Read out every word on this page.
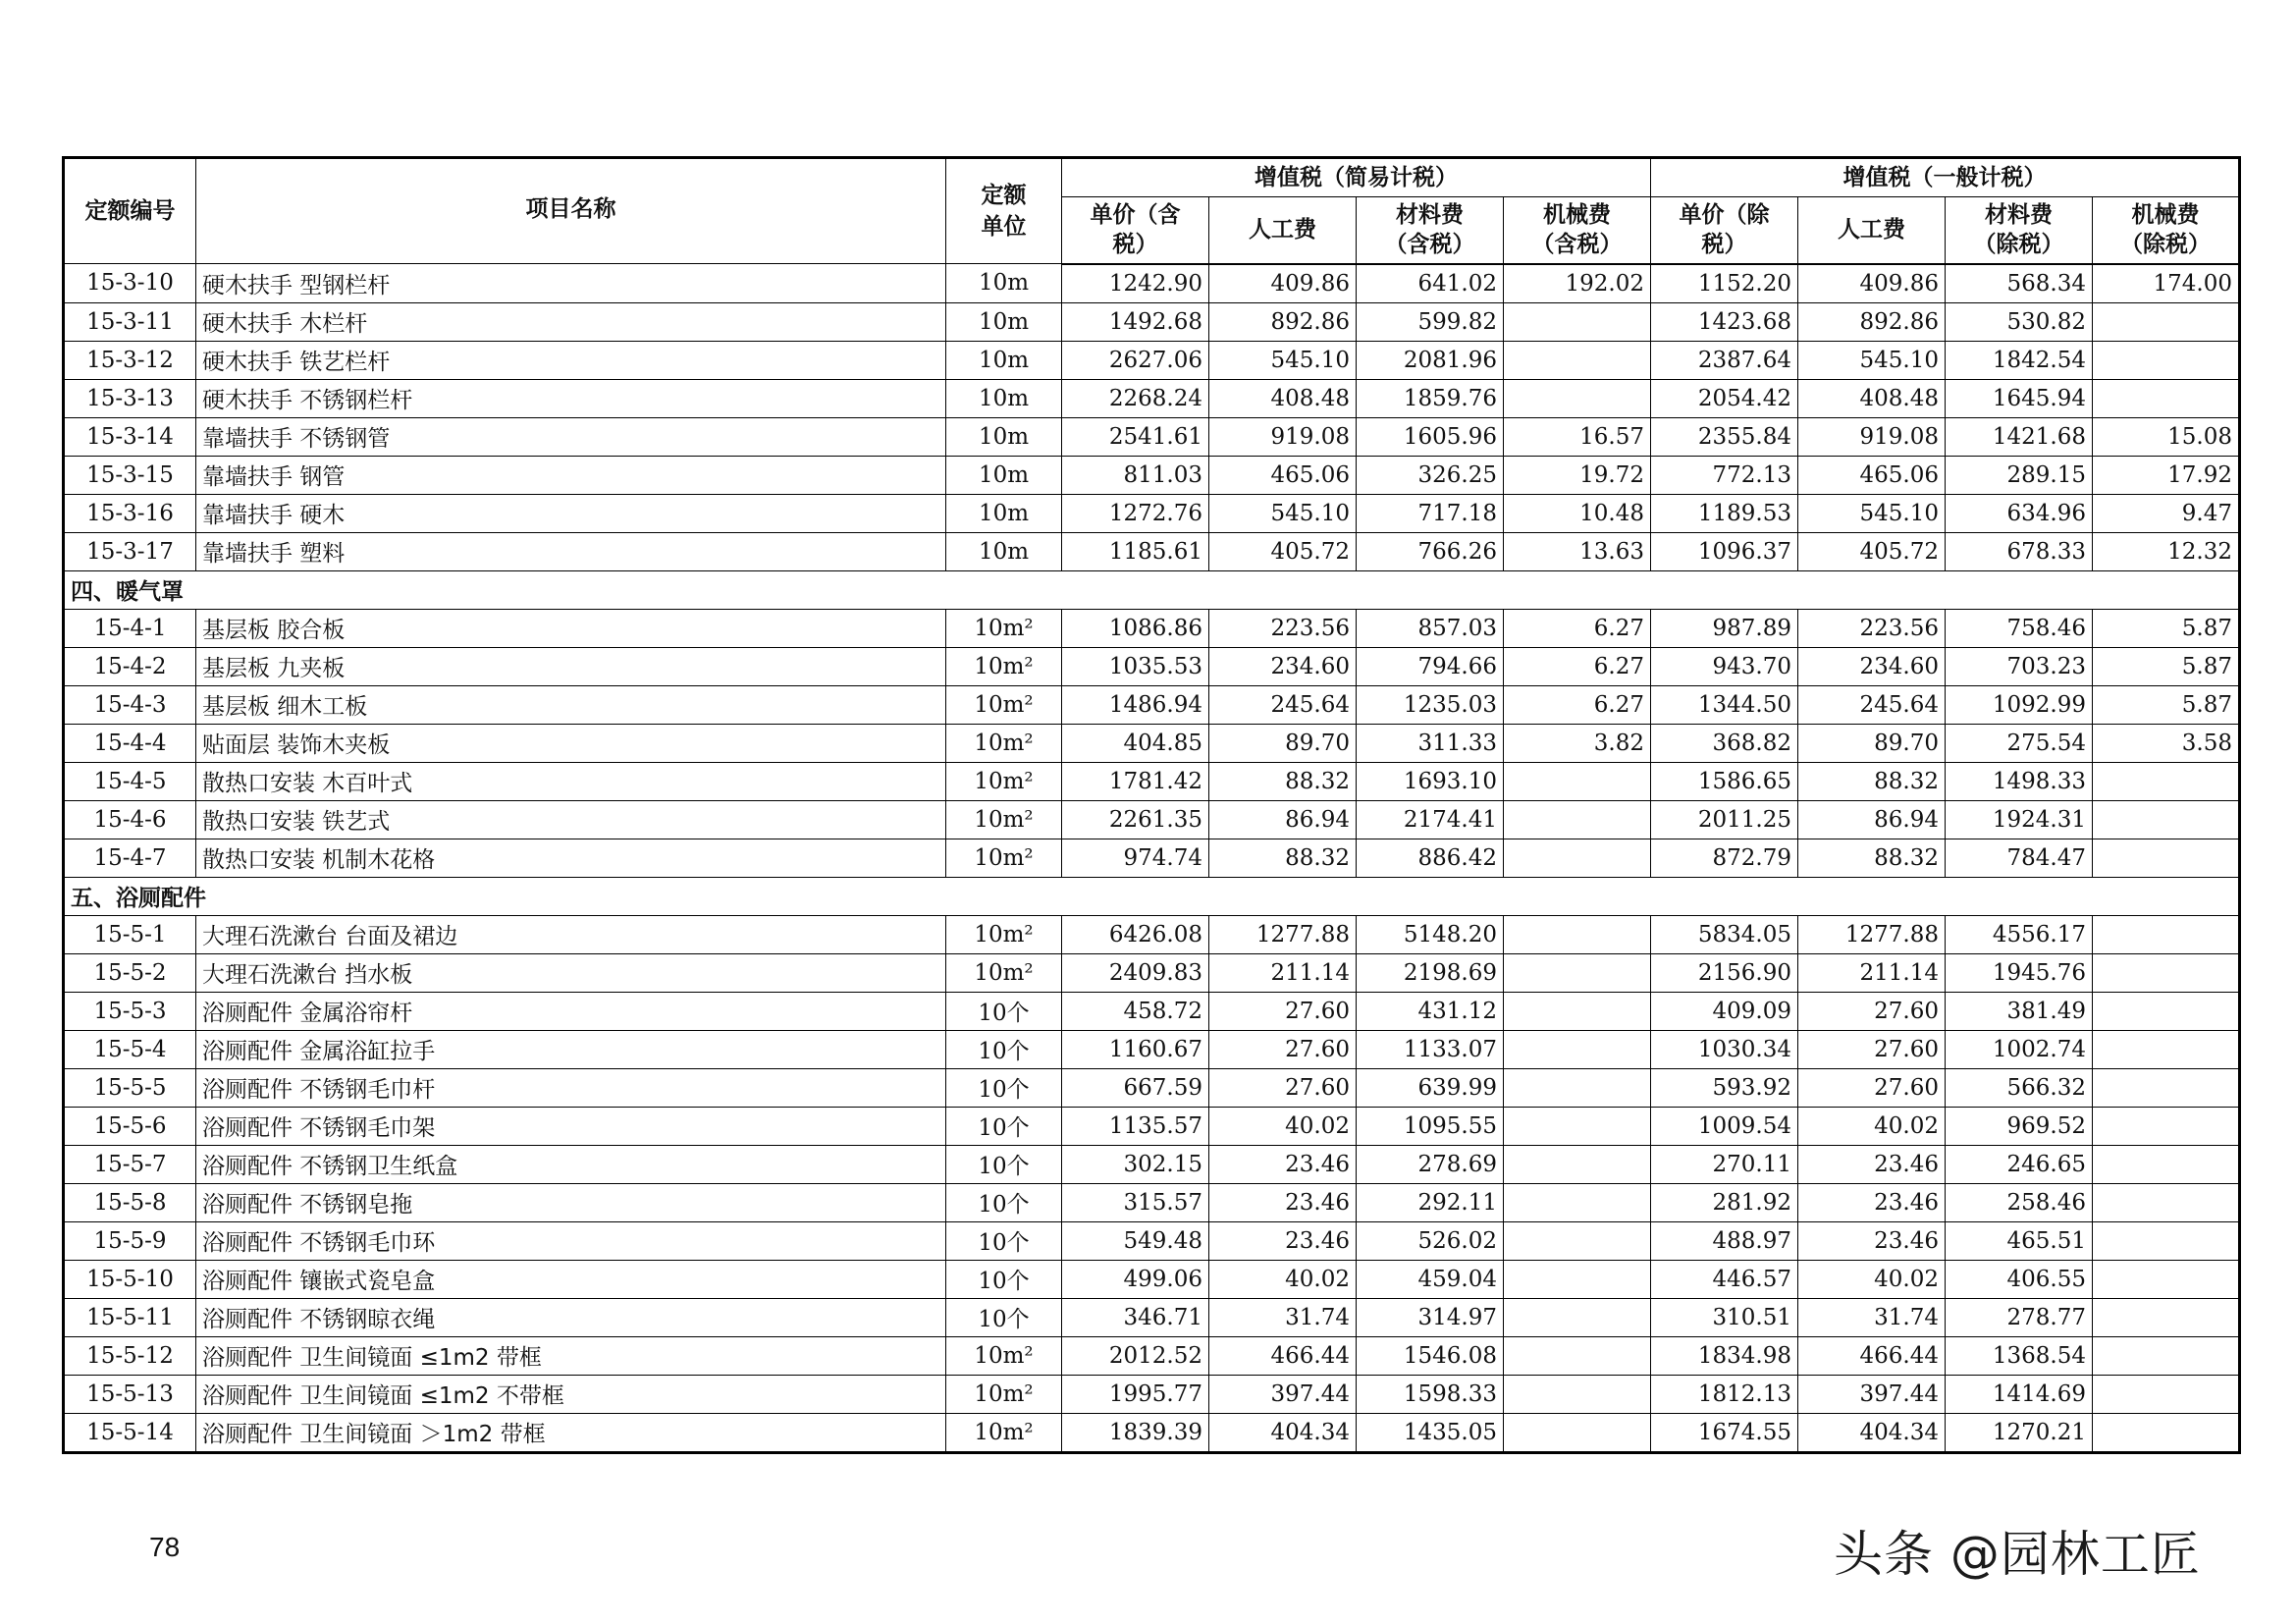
定额编号	项目名称	定额单位	增值税（简易计税）				增值税（一般计税）			

			单价（含税）	人工费	材料费（含税）	机械费（含税）	单价（除税）	人工费	材料费（除税）	机械费（除税）

15-3-10	硬木扶手 型钢栏杆	10m	1242.90	409.86	641.02	192.02	1152.20	409.86	568.34	174.00
15-3-11	硬木扶手 木栏杆	10m	1492.68	892.86	599.82		1423.68	892.86	530.82	
15-3-12	硬木扶手 铁艺栏杆	10m	2627.06	545.10	2081.96		2387.64	545.10	1842.54	
15-3-13	硬木扶手 不锈钢栏杆	10m	2268.24	408.48	1859.76		2054.42	408.48	1645.94	
15-3-14	靠墙扶手 不锈钢管	10m	2541.61	919.08	1605.96	16.57	2355.84	919.08	1421.68	15.08
15-3-15	靠墙扶手 钢管	10m	811.03	465.06	326.25	19.72	772.13	465.06	289.15	17.92
15-3-16	靠墙扶手 硬木	10m	1272.76	545.10	717.18	10.48	1189.53	545.10	634.96	9.47
15-3-17	靠墙扶手 塑料	10m	1185.61	405.72	766.26	13.63	1096.37	405.72	678.33	12.32
四、暖气罩										
15-4-1	基层板 胶合板	10m²	1086.86	223.56	857.03	6.27	987.89	223.56	758.46	5.87
15-4-2	基层板 九夹板	10m²	1035.53	234.60	794.66	6.27	943.70	234.60	703.23	5.87
15-4-3	基层板 细木工板	10m²	1486.94	245.64	1235.03	6.27	1344.50	245.64	1092.99	5.87
15-4-4	贴面层 装饰木夹板	10m²	404.85	89.70	311.33	3.82	368.82	89.70	275.54	3.58
15-4-5	散热口安装 木百叶式	10m²	1781.42	88.32	1693.10		1586.65	88.32	1498.33	
15-4-6	散热口安装 铁艺式	10m²	2261.35	86.94	2174.41		2011.25	86.94	1924.31	
15-4-7	散热口安装 机制木花格	10m²	974.74	88.32	886.42		872.79	88.32	784.47	
五、浴厕配件										
15-5-1	大理石洗漱台 台面及裙边	10m²	6426.08	1277.88	5148.20		5834.05	1277.88	4556.17	
15-5-2	大理石洗漱台 挡水板	10m²	2409.83	211.14	2198.69		2156.90	211.14	1945.76	
15-5-3	浴厕配件 金属浴帘杆	10个	458.72	27.60	431.12		409.09	27.60	381.49	
15-5-4	浴厕配件 金属浴缸拉手	10个	1160.67	27.60	1133.07		1030.34	27.60	1002.74	
15-5-5	浴厕配件 不锈钢毛巾杆	10个	667.59	27.60	639.99		593.92	27.60	566.32	
15-5-6	浴厕配件 不锈钢毛巾架	10个	1135.57	40.02	1095.55		1009.54	40.02	969.52	
15-5-7	浴厕配件 不锈钢卫生纸盒	10个	302.15	23.46	278.69		270.11	23.46	246.65	
15-5-8	浴厕配件 不锈钢皂拖	10个	315.57	23.46	292.11		281.92	23.46	258.46	
15-5-9	浴厕配件 不锈钢毛巾环	10个	549.48	23.46	526.02		488.97	23.46	465.51	
15-5-10	浴厕配件 镶嵌式瓷皂盒	10个	499.06	40.02	459.04		446.57	40.02	406.55	
15-5-11	浴厕配件 不锈钢晾衣绳	10个	346.71	31.74	314.97		310.51	31.74	278.77	
15-5-12	浴厕配件 卫生间镜面 ≤1m2 带框	10m²	2012.52	466.44	1546.08		1834.98	466.44	1368.54	
15-5-13	浴厕配件 卫生间镜面 ≤1m2 不带框	10m²	1995.77	397.44	1598.33		1812.13	397.44	1414.69	
15-5-14	浴厕配件 卫生间镜面 ＞1m2 带框	10m²	1839.39	404.34	1435.05		1674.55	404.34	1270.21	
78	头条 @园林工匠
